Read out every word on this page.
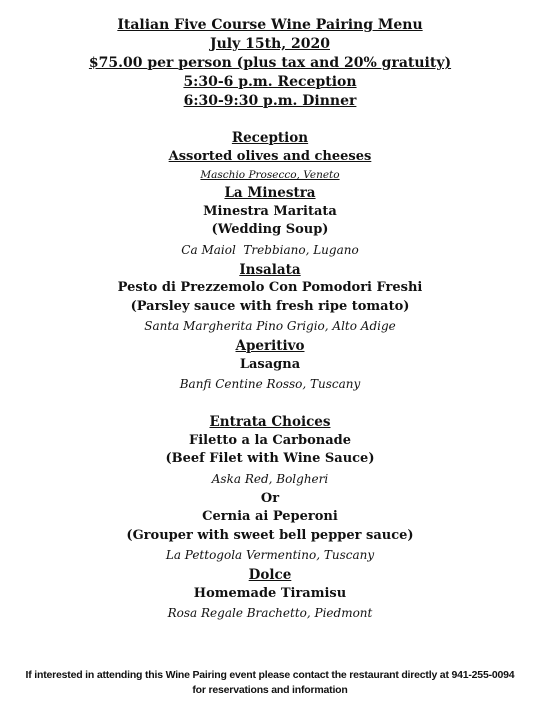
Italian Five Course Wine Pairing Menu
July 15th, 2020
$75.00 per person (plus tax and 20% gratuity)
5:30-6 p.m. Reception
6:30-9:30 p.m. Dinner
Reception
Assorted olives and cheeses
Maschio Prosecco, Veneto
La Minestra
Minestra Maritata
(Wedding Soup)
Ca Maiol  Trebbiano, Lugano
Insalata
Pesto di Prezzemolo Con Pomodori Freshi
(Parsley sauce with fresh ripe tomato)
Santa Margherita Pino Grigio, Alto Adige
Aperitivo
Lasagna
Banfi Centine Rosso, Tuscany
Entrata Choices
Filetto a la Carbonade
(Beef Filet with Wine Sauce)
Aska Red, Bolgheri
Or
Cernia ai Peperoni
(Grouper with sweet bell pepper sauce)
La Pettogola Vermentino, Tuscany
Dolce
Homemade Tiramisu
Rosa Regale Brachetto, Piedmont
If interested in attending this Wine Pairing event please contact the restaurant directly at 941-255-0094
for reservations and information
